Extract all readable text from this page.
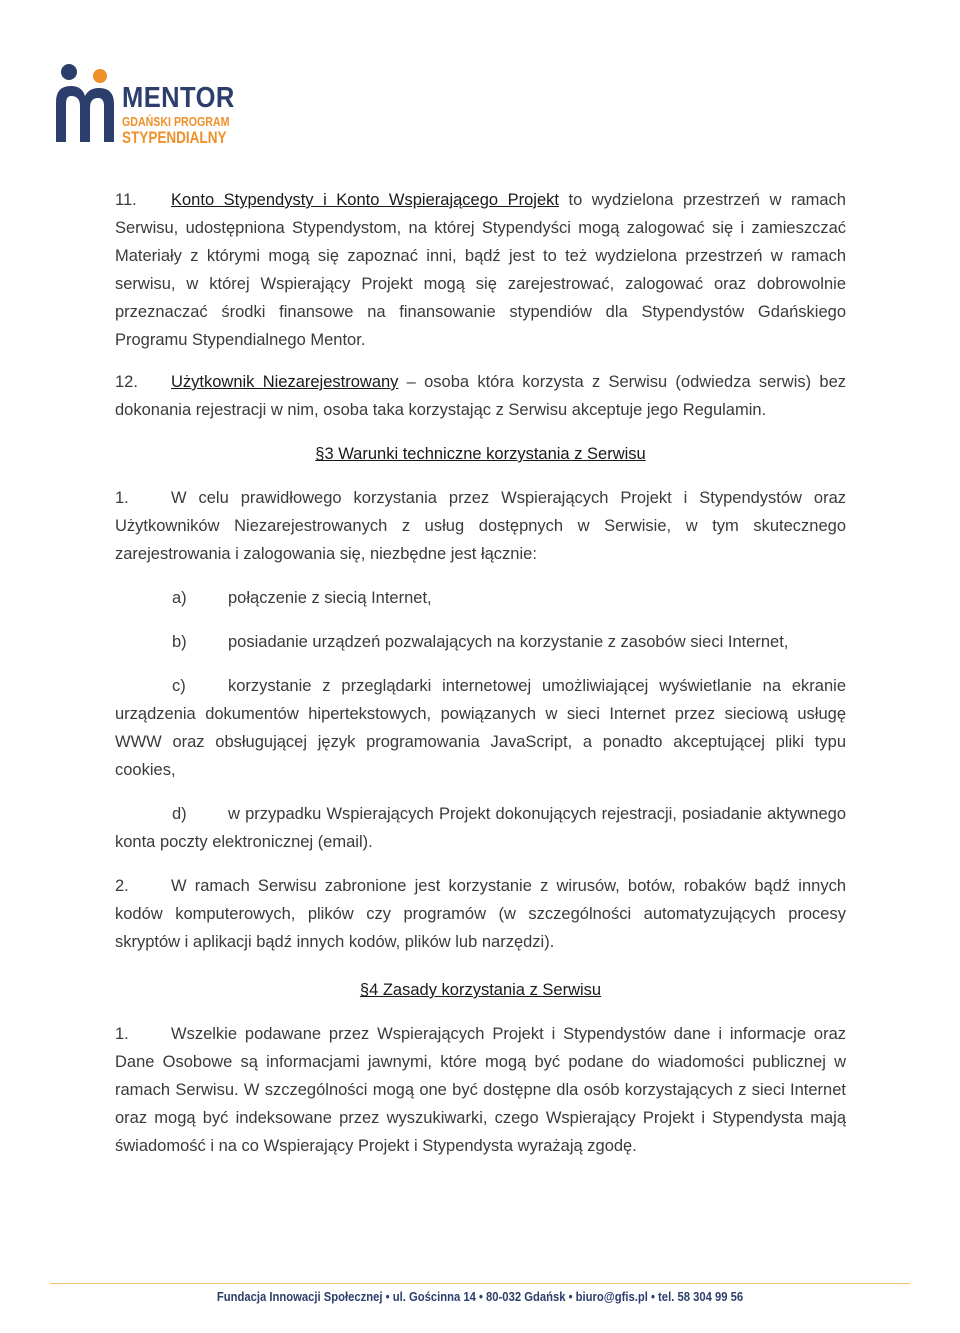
MENTOR
GDAŃSKI PROGRAM
STYPENDIALNY

11. Konto Stypendysty i Konto Wspierającego Projekt to wydzielona przestrzeń w ramach Serwisu, udostępniona Stypendystom, na której Stypendyści mogą zalogować się i zamieszczać Materiały z którymi mogą się zapoznać inni, bądź jest to też wydzielona przestrzeń w ramach serwisu, w której Wspierający Projekt mogą się zarejestrować, zalogować oraz dobrowolnie przeznaczać środki finansowe na finansowanie stypendiów dla Stypendystów Gdańskiego Programu Stypendialnego Mentor.

12. Użytkownik Niezarejestrowany – osoba która korzysta z Serwisu (odwiedza serwis) bez dokonania rejestracji w nim, osoba taka korzystając z Serwisu akceptuje jego Regulamin.

§3 Warunki techniczne korzystania z Serwisu

1.	W celu prawidłowego korzystania przez Wspierających Projekt i Stypendystów oraz Użytkowników Niezarejestrowanych z usług dostępnych w Serwisie, w tym skutecznego zarejestrowania i zalogowania się, niezbędne jest łącznie:

a)	połączenie z siecią Internet,

b)	posiadanie urządzeń pozwalających na korzystanie z zasobów sieci Internet,

c)	korzystanie z przeglądarki internetowej umożliwiającej wyświetlanie na ekranie urządzenia dokumentów hipertekstowych, powiązanych w sieci Internet przez sieciową usługę WWW oraz obsługującej język programowania JavaScript, a ponadto akceptującej pliki typu cookies,

d)	w przypadku Wspierających Projekt dokonujących rejestracji, posiadanie aktywnego konta poczty elektronicznej (email).

2.	W ramach Serwisu zabronione jest korzystanie z wirusów, botów, robaków bądź innych kodów komputerowych, plików czy programów (w szczególności automatyzujących procesy skryptów i aplikacji bądź innych kodów, plików lub narzędzi).

§4 Zasady korzystania z Serwisu

1.	Wszelkie podawane przez Wspierających Projekt i Stypendystów dane i informacje oraz Dane Osobowe są informacjami jawnymi, które mogą być podane do wiadomości publicznej w ramach Serwisu. W szczególności mogą one być dostępne dla osób korzystających z sieci Internet oraz mogą być indeksowane przez wyszukiwarki, czego Wspierający Projekt i Stypendysta mają świadomość i na co Wspierający Projekt i Stypendysta wyrażają zgodę.

Fundacja Innowacji Społecznej • ul. Gościnna 14 • 80-032 Gdańsk • biuro@gfis.pl • tel. 58 304 99 56
